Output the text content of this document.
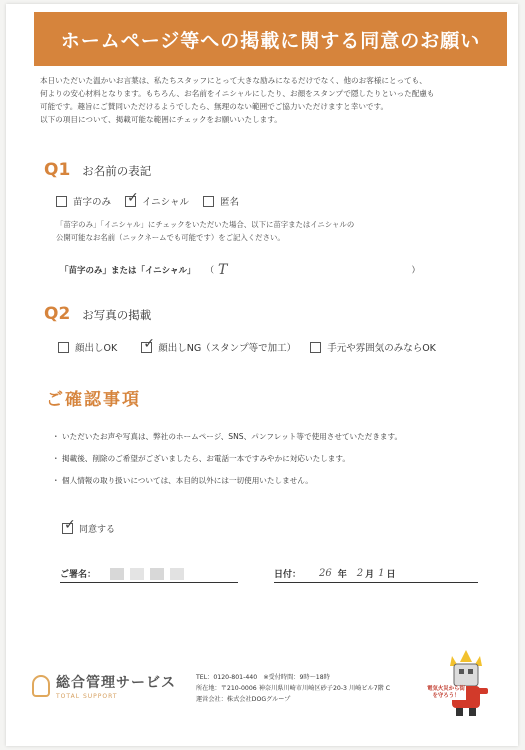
ホームページ等への掲載に関する同意のお願い
本日いただいた温かいお言葉は、私たちスタッフにとって大きな励みになるだけでなく、他のお客様にとっても、
何よりの安心材料となります。もちろん、お名前をイニシャルにしたり、お顔をスタンプで隠したりといった配慮も
可能です。趣旨にご賛同いただけるようでしたら、無理のない範囲でご協力いただけますと幸いです。
以下の項目について、掲載可能な範囲にチェックをお願いいたします。
Q1 お名前の表記
苗字のみ ✓ イニシャル	匿名
「苗字のみ」「イニシャル」にチェックをいただいた場合、以下に苗字またはイニシャルの
公開可能なお名前（ニックネームでも可能です）をご記入ください。
「苗字のみ」または「イニシャル」 （ T	）
Q2 お写真の掲載
顔出しOK ✓ 顔出しNG（スタンプ等で加工）	手元や雰囲気のみならOK
ご確認事項
・ いただいたお声や写真は、弊社のホームページ、SNS、パンフレット等で使用させていただきます。
・ 掲載後、削除のご希望がございましたら、お電話一本ですみやかに対応いたします。
・ 個人情報の取り扱いについては、本目的以外には一切使用いたしません。
✓ 同意する
ご署名：	日付： 26 年 2 月 1 日
総合管理サービス
TOTAL SUPPORT
TEL：0120-801-440　※受付時間：9時～18時
所在地：〒210-0006 神奈川県川崎市川崎区砂子20-3 川崎ビル7階 C
運営会社：株式会社DOGグループ
電気火災から街を守ろう！
